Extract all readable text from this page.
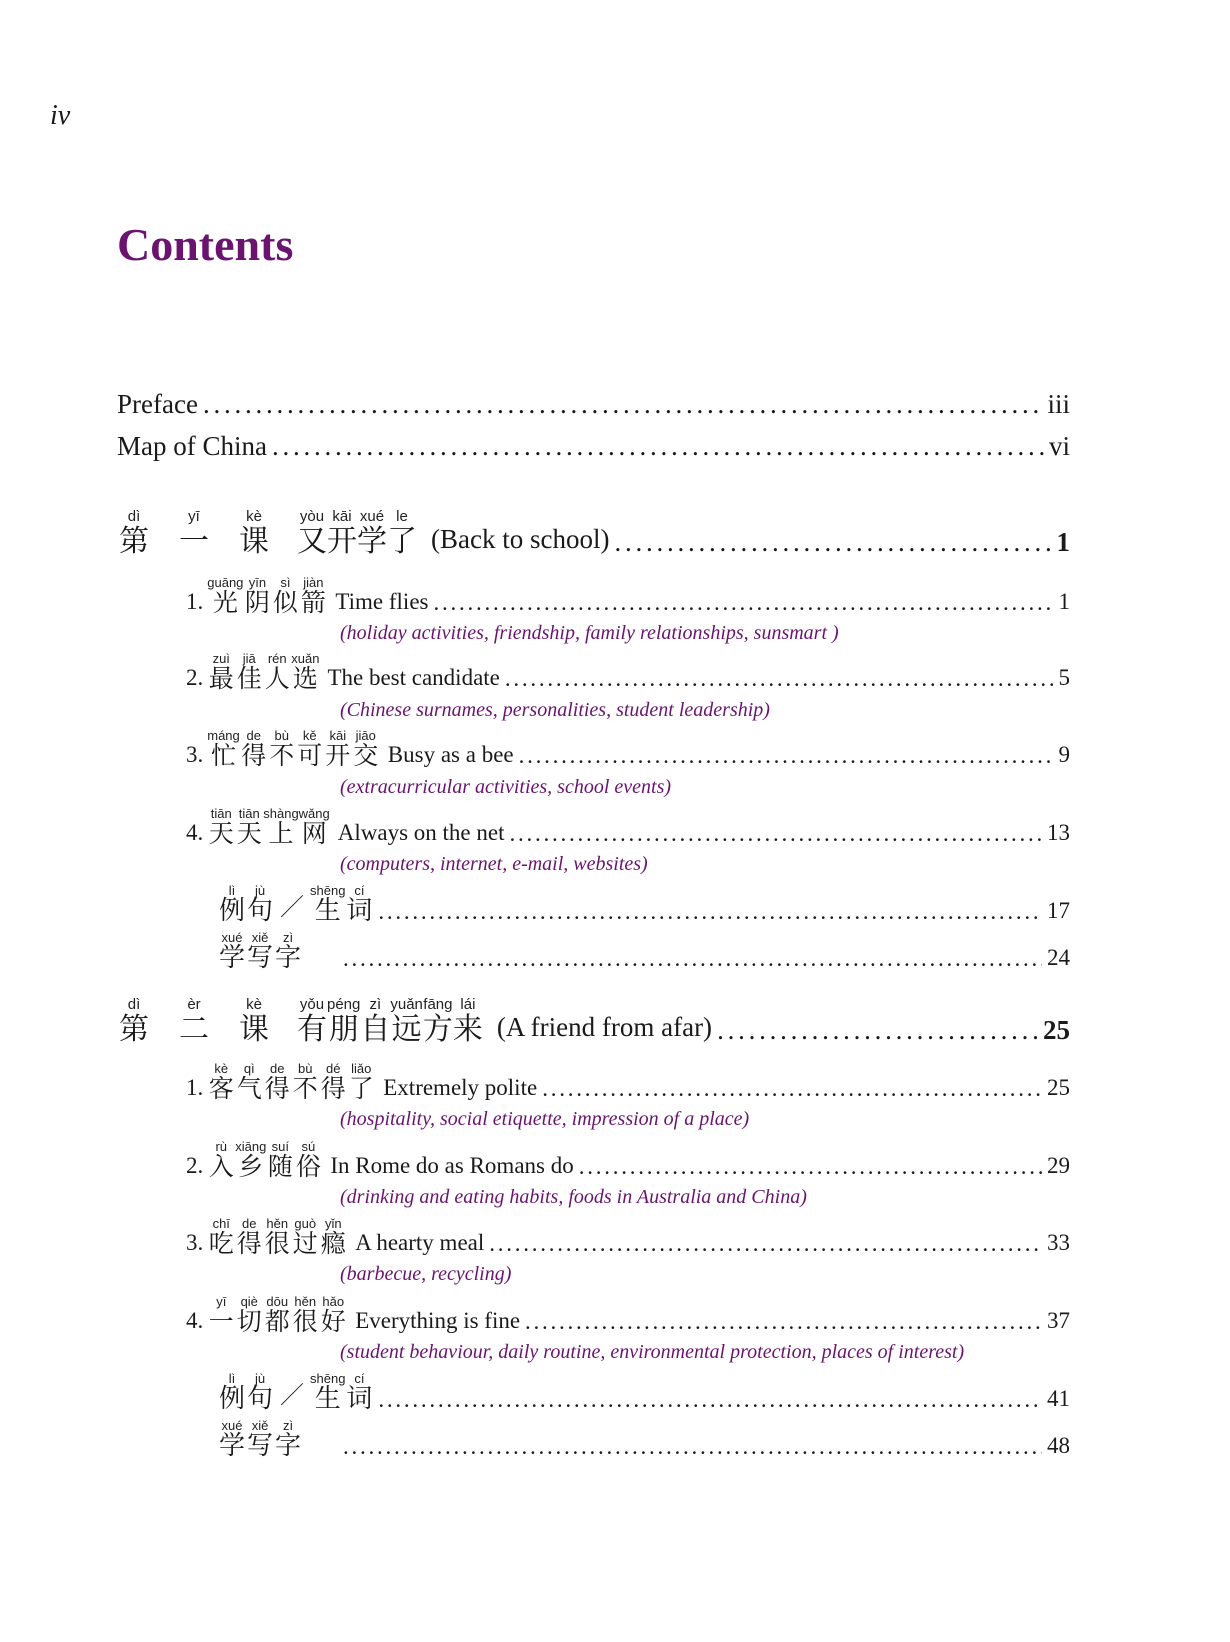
iv
Contents
Preface . . .	iii
Map of China . . .	vi
dì
第
yī
一
kè
课
yòu
又
kāi
开
xué
学
le
了 (Back to school) . . .	1
1.
guāng
光
yīn
阴
sì
似
jiàn
箭 Time flies . . .	1
(holiday activities, friendship, family relationships, sunsmart )
2.
zuì
最
jiā
佳
rén
人
xuǎn
选 The best candidate . . .	5
(Chinese surnames, personalities, student leadership)
3.
máng
忙
de
得
bù
不
kě
可
kāi
开
jiāo
交 Busy as a bee . . .	9
(extracurricular activities, school events)
4.
tiān
天
tiān
天
shàng
上
wǎng
网 Always on the net . . .	13
(computers, internet, e-mail, websites)
lì
例
jù
句 ／
shēng
生
cí
词 . . .	17
xué
学
xiě
写
zì
字 . . .	24
dì
第
èr
二
kè
课
yǒu
有
péng
朋
zì
自
yuǎn
远
fāng
方
lái
来 (A friend from afar) . . .	25
1.
kè
客
qì
气
de
得
bù
不
dé
得
liǎo
了 Extremely polite . . .	25
(hospitality, social etiquette, impression of a place)
2.
rù
入
xiāng
乡
suí
随
sú
俗 In Rome do as Romans do . . .	29
(drinking and eating habits, foods in Australia and China)
3.
chī
吃
de
得
hěn
很
guò
过
yǐn
瘾 A hearty meal . . .	33
(barbecue, recycling)
4.
yī
一
qiè
切
dōu
都
hěn
很
hǎo
好 Everything is fine . . .	37
(student behaviour, daily routine, environmental protection, places of interest)
lì
例
jù
句 ／
shēng
生
cí
词 . . .	41
xué
学
xiě
写
zì
字 . . .	48
